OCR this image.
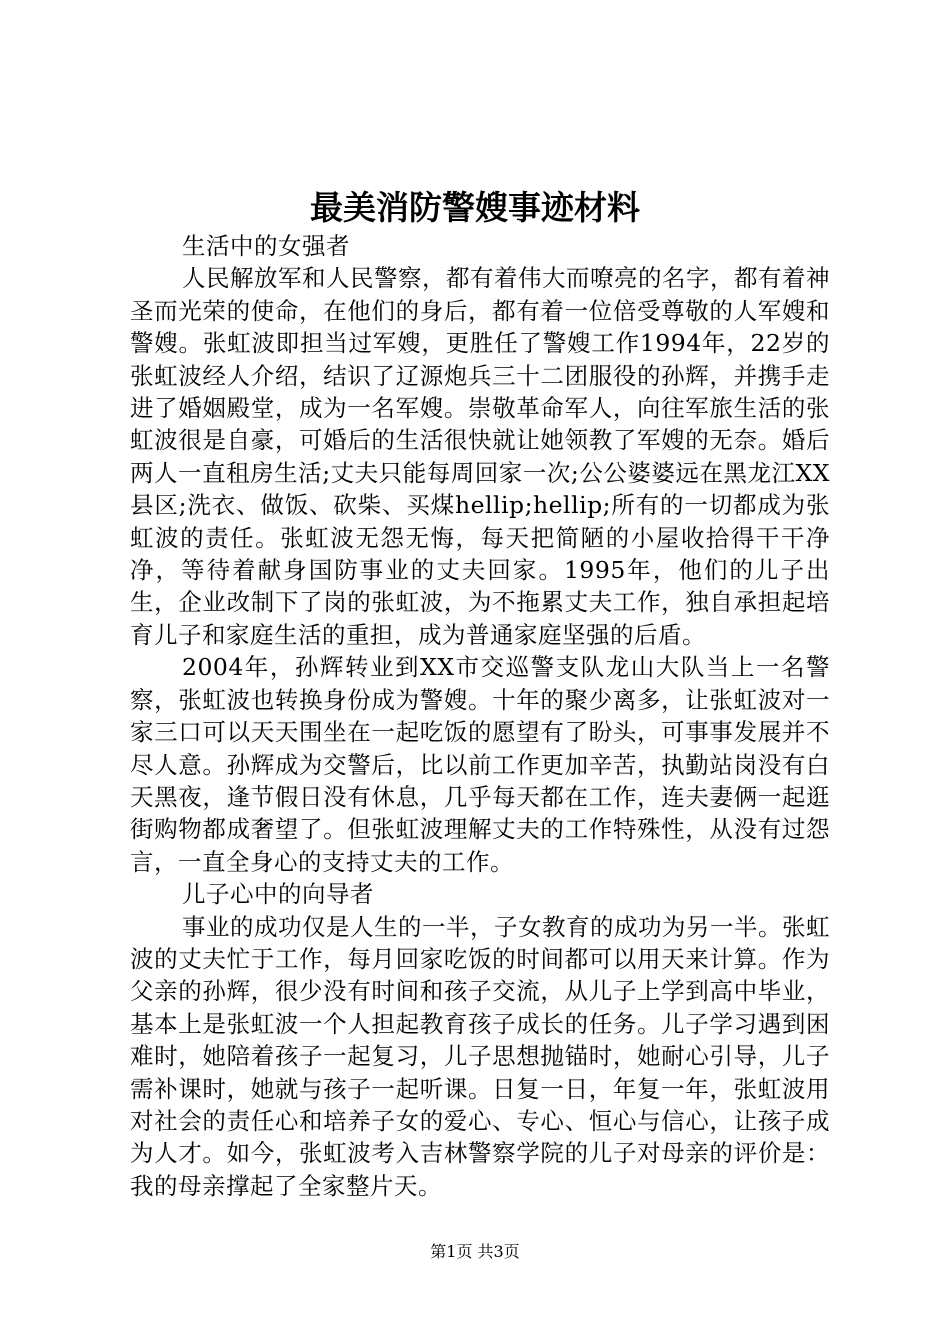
最美消防警嫂事迹材料

生活中的女强者

人民解放军和人民警察，都有着伟大而嘹亮的名字，都有着神圣而光荣的使命，在他们的身后，都有着一位倍受尊敬的人军嫂和警嫂。张虹波即担当过军嫂，更胜任了警嫂工作1994年，22岁的张虹波经人介绍，结识了辽源炮兵三十二团服役的孙辉，并携手走进了婚姻殿堂，成为一名军嫂。崇敬革命军人，向往军旅生活的张虹波很是自豪，可婚后的生活很快就让她领教了军嫂的无奈。婚后两人一直租房生活;丈夫只能每周回家一次;公公婆婆远在黑龙江XX县区;洗衣、做饭、砍柴、买煤hellip;hellip;所有的一切都成为张虹波的责任。张虹波无怨无悔，每天把简陋的小屋收拾得干干净净，等待着献身国防事业的丈夫回家。1995年，他们的儿子出生，企业改制下了岗的张虹波，为不拖累丈夫工作，独自承担起培育儿子和家庭生活的重担，成为普通家庭坚强的后盾。

2004年，孙辉转业到XX市交巡警支队龙山大队当上一名警察，张虹波也转换身份成为警嫂。十年的聚少离多，让张虹波对一家三口可以天天围坐在一起吃饭的愿望有了盼头，可事事发展并不尽人意。孙辉成为交警后，比以前工作更加辛苦，执勤站岗没有白天黑夜，逢节假日没有休息，几乎每天都在工作，连夫妻俩一起逛街购物都成奢望了。但张虹波理解丈夫的工作特殊性，从没有过怨言，一直全身心的支持丈夫的工作。

儿子心中的向导者

事业的成功仅是人生的一半，子女教育的成功为另一半。张虹波的丈夫忙于工作，每月回家吃饭的时间都可以用天来计算。作为父亲的孙辉，很少没有时间和孩子交流，从儿子上学到高中毕业，基本上是张虹波一个人担起教育孩子成长的任务。儿子学习遇到困难时，她陪着孩子一起复习，儿子思想抛锚时，她耐心引导，儿子需补课时，她就与孩子一起听课。日复一日，年复一年，张虹波用对社会的责任心和培养子女的爱心、专心、恒心与信心，让孩子成为人才。如今，张虹波考入吉林警察学院的儿子对母亲的评价是：我的母亲撑起了全家整片天。

第1页 共3页
